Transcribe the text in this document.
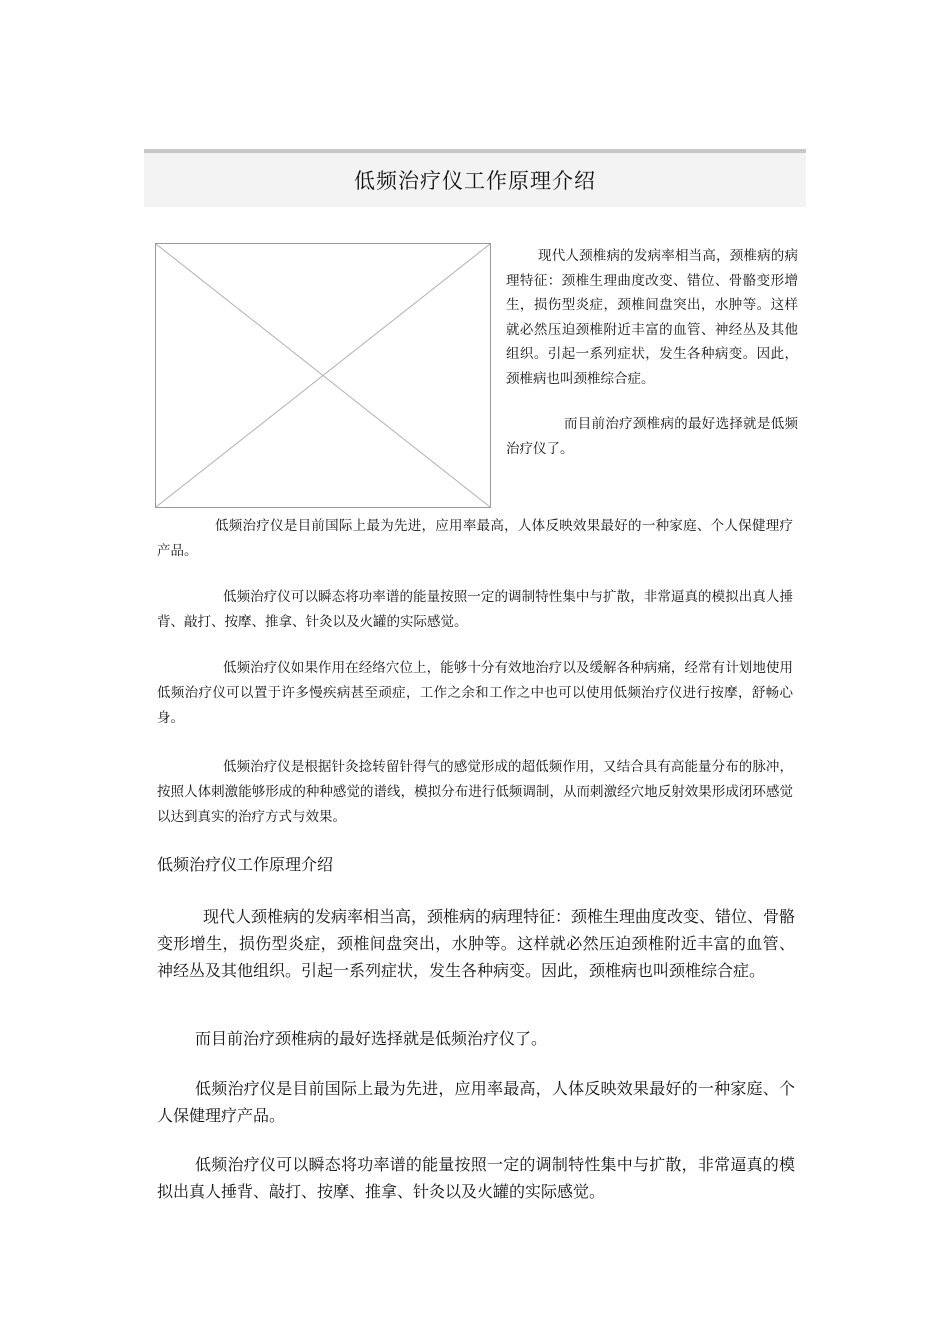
低频治疗仪工作原理介绍

现代人颈椎病的发病率相当高，颈椎病的病理特征：颈椎生理曲度改变、错位、骨骼变形增生，损伤型炎症，颈椎间盘突出，水肿等。这样就必然压迫颈椎附近丰富的血管、神经丛及其他组织。引起一系列症状，发生各种病变。因此，颈椎病也叫颈椎综合症。

而目前治疗颈椎病的最好选择就是低频治疗仪了。

低频治疗仪是目前国际上最为先进，应用率最高，人体反映效果最好的一种家庭、个人保健理疗产品。

低频治疗仪可以瞬态将功率谱的能量按照一定的调制特性集中与扩散，非常逼真的模拟出真人捶背、敲打、按摩、推拿、针灸以及火罐的实际感觉。

低频治疗仪如果作用在经络穴位上，能够十分有效地治疗以及缓解各种病痛，经常有计划地使用低频治疗仪可以置于许多慢疾病甚至顽症，工作之余和工作之中也可以使用低频治疗仪进行按摩，舒畅心身。

低频治疗仪是根据针灸捻转留针得气的感觉形成的超低频作用，又结合具有高能量分布的脉冲，按照人体刺激能够形成的种种感觉的谱线，模拟分布进行低频调制，从而刺激经穴地反射效果形成闭环感觉以达到真实的治疗方式与效果。

低频治疗仪工作原理介绍

现代人颈椎病的发病率相当高，颈椎病的病理特征：颈椎生理曲度改变、错位、骨骼变形增生，损伤型炎症，颈椎间盘突出，水肿等。这样就必然压迫颈椎附近丰富的血管、神经丛及其他组织。引起一系列症状，发生各种病变。因此，颈椎病也叫颈椎综合症。

而目前治疗颈椎病的最好选择就是低频治疗仪了。

低频治疗仪是目前国际上最为先进，应用率最高，人体反映效果最好的一种家庭、个人保健理疗产品。

低频治疗仪可以瞬态将功率谱的能量按照一定的调制特性集中与扩散，非常逼真的模拟出真人捶背、敲打、按摩、推拿、针灸以及火罐的实际感觉。
